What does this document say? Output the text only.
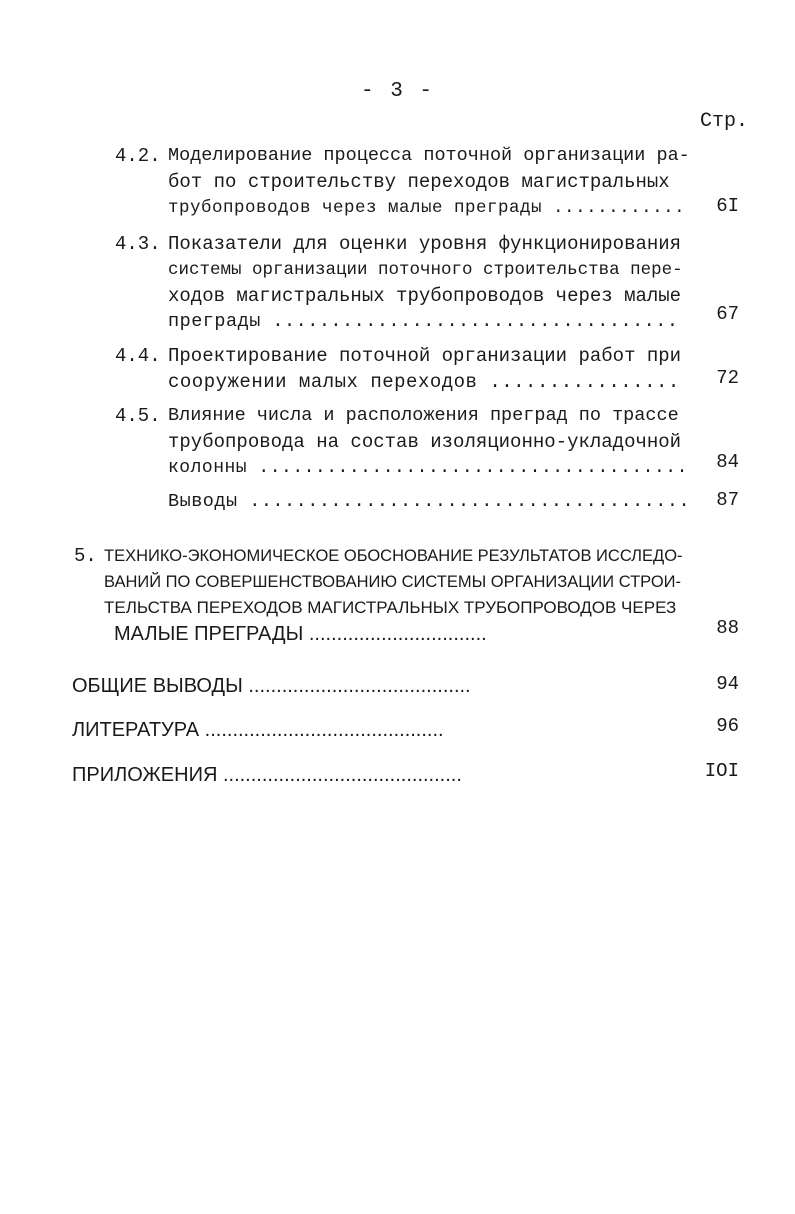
- 3 -
Стр.
4.2. Моделирование процесса поточной организации ра-
бот по строительству переходов магистральных
трубопроводов через малые преграды ............ 6I
4.3. Показатели для оценки уровня функционирования
системы организации поточного строительства пере-
ходов магистральных трубопроводов через малые
преграды ................................... 67
4.4. Проектирование поточной организации работ при
сооружении малых переходов ................ 72
4.5. Влияние числа и расположения преград по трассе
трубопровода на состав изоляционно-укладочной
колонны ...................................... 84
Выводы ...................................... 87
5. ТЕХНИКО-ЭКОНОМИЧЕСКОЕ ОБОСНОВАНИЕ РЕЗУЛЬТАТОВ ИССЛЕДО-
ВАНИЙ ПО СОВЕРШЕНСТВОВАНИЮ СИСТЕМЫ ОРГАНИЗАЦИИ СТРОИ-
ТЕЛЬСТВА ПЕРЕХОДОВ МАГИСТРАЛЬНЫХ ТРУБОПРОВОДОВ ЧЕРЕЗ
МАЛЫЕ ПРЕГРАДЫ ................................	88
ОБЩИЕ ВЫВОДЫ ........................................	94
ЛИТЕРАТУРА ...........................................	96
ПРИЛОЖЕНИЯ ...........................................	IOI
